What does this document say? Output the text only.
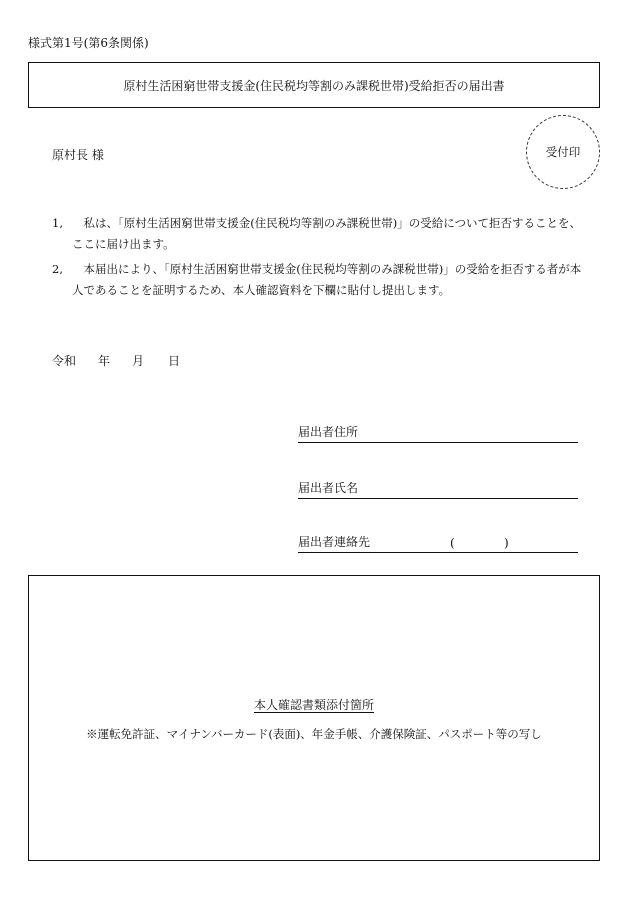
様式第1号(第6条関係)
原村生活困窮世帯支援金(住民税均等割のみ課税世帯)受給拒否の届出書
原村長 様	受付印
1,	私は、「原村生活困窮世帯支援金(住民税均等割のみ課税世帯)」の受給について拒否することを、ここに届け出ます。
2,	本届出により、「原村生活困窮世帯支援金(住民税均等割のみ課税世帯)」の受給を拒否する者が本人であることを証明するため、本人確認資料を下欄に貼付し提出します。
令和 年 月 日
届出者住所
届出者氏名
届出者連絡先	(	)
本人確認書類添付箇所
※運転免許証、マイナンバーカード(表面)、年金手帳、介護保険証、パスポート等の写し
